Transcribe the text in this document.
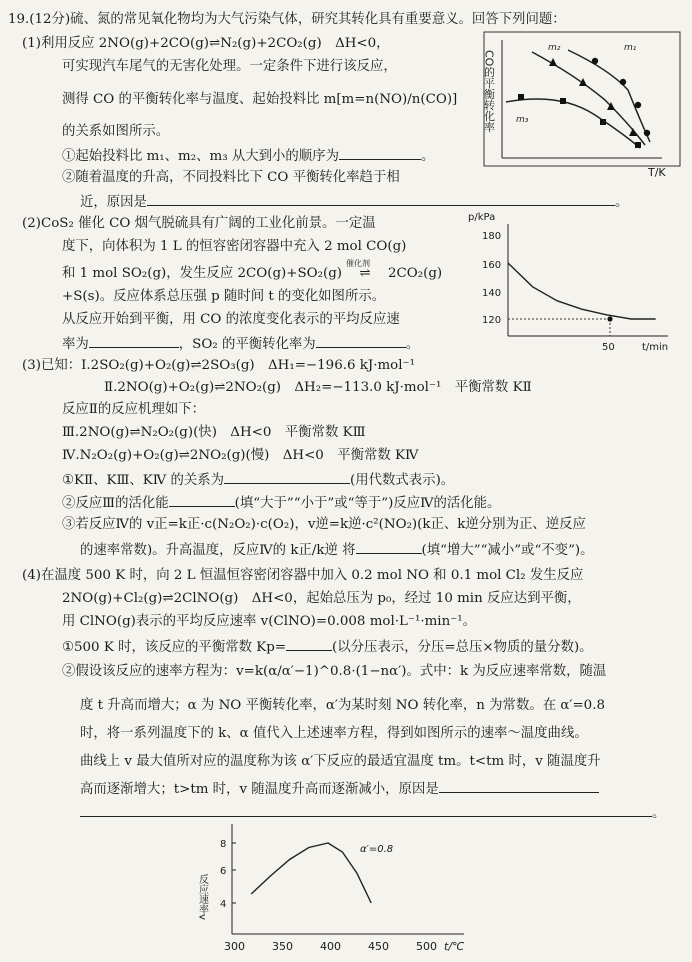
19.(12分)硫、氮的常见氧化物均为大气污染气体，研究其转化具有重要意义。回答下列问题：
(1)利用反应 2NO(g)+2CO(g)⇌N₂(g)+2CO₂(g)　ΔH<0，
可实现汽车尾气的无害化处理。一定条件下进行该反应，
测得 CO 的平衡转化率与温度、起始投料比 m[m=n(NO)/n(CO)]
的关系如图所示。
①起始投料比 m₁、m₂、m₃ 从大到小的顺序为	。
②随着温度的升高，不同投料比下 CO 平衡转化率趋于相
近，原因是	。
CO的平衡转化率
T/K
m₂	m₁
m₃
(2)CoS₂ 催化 CO 烟气脱硫具有广阔的工业化前景。一定温
度下，向体积为 1 L 的恒容密闭容器中充入 2 mol CO(g)
和 1 mol SO₂(g)，发生反应 2CO(g)+SO₂(g)
催化剂
⇌ 2CO₂(g)
+S(s)。反应体系总压强 p 随时间 t 的变化如图所示。
从反应开始到平衡，用 CO 的浓度变化表示的平均反应速
率为	，SO₂ 的平衡转化率为	。
p/kPa
180
160
140
120
50	t/min
(3)已知：Ⅰ.2SO₂(g)+O₂(g)⇌2SO₃(g)　ΔH₁=−196.6 kJ·mol⁻¹
Ⅱ.2NO(g)+O₂(g)⇌2NO₂(g)　ΔH₂=−113.0 kJ·mol⁻¹　平衡常数 KⅡ
反应Ⅱ的反应机理如下：
Ⅲ.2NO(g)⇌N₂O₂(g)(快)　ΔH<0　平衡常数 KⅢ
Ⅳ.N₂O₂(g)+O₂(g)⇌2NO₂(g)(慢)　ΔH<0　平衡常数 KⅣ
①KⅡ、KⅢ、KⅣ 的关系为	(用代数式表示)。
②反应Ⅲ的活化能	(填“大于”“小于”或“等于”)反应Ⅳ的活化能。
③若反应Ⅳ的 v正=k正·c(N₂O₂)·c(O₂)，v逆=k逆·c²(NO₂)(k正、k逆分别为正、逆反应
的速率常数)。升高温度，反应Ⅳ的 k正/k逆 将	(填“增大”“减小”或“不变”)。
(4)在温度 500 K 时，向 2 L 恒温恒容密闭容器中加入 0.2 mol NO 和 0.1 mol Cl₂ 发生反应
2NO(g)+Cl₂(g)⇌2ClNO(g)　ΔH<0，起始总压为 p₀，经过 10 min 反应达到平衡，
用 ClNO(g)表示的平均反应速率 v(ClNO)=0.008 mol·L⁻¹·min⁻¹。
①500 K 时，该反应的平衡常数 Kp=	(以分压表示，分压=总压×物质的量分数)。
②假设该反应的速率方程为：v=k(α/α′−1)^0.8·(1−nα′)。式中：k 为反应速率常数，随温
度 t 升高而增大；α 为 NO 平衡转化率，α′为某时刻 NO 转化率，n 为常数。在 α′=0.8
时，将一系列温度下的 k、α 值代入上述速率方程，得到如图所示的速率～温度曲线。
曲线上 v 最大值所对应的温度称为该 α′下反应的最适宜温度 tm。t<tm 时，v 随温度升
高而逐渐增大；t>tm 时，v 随温度升高而逐渐减小，原因是
。
反应速率v
8
6
4
α′=0.8
300 350 400 450 500 t/℃
